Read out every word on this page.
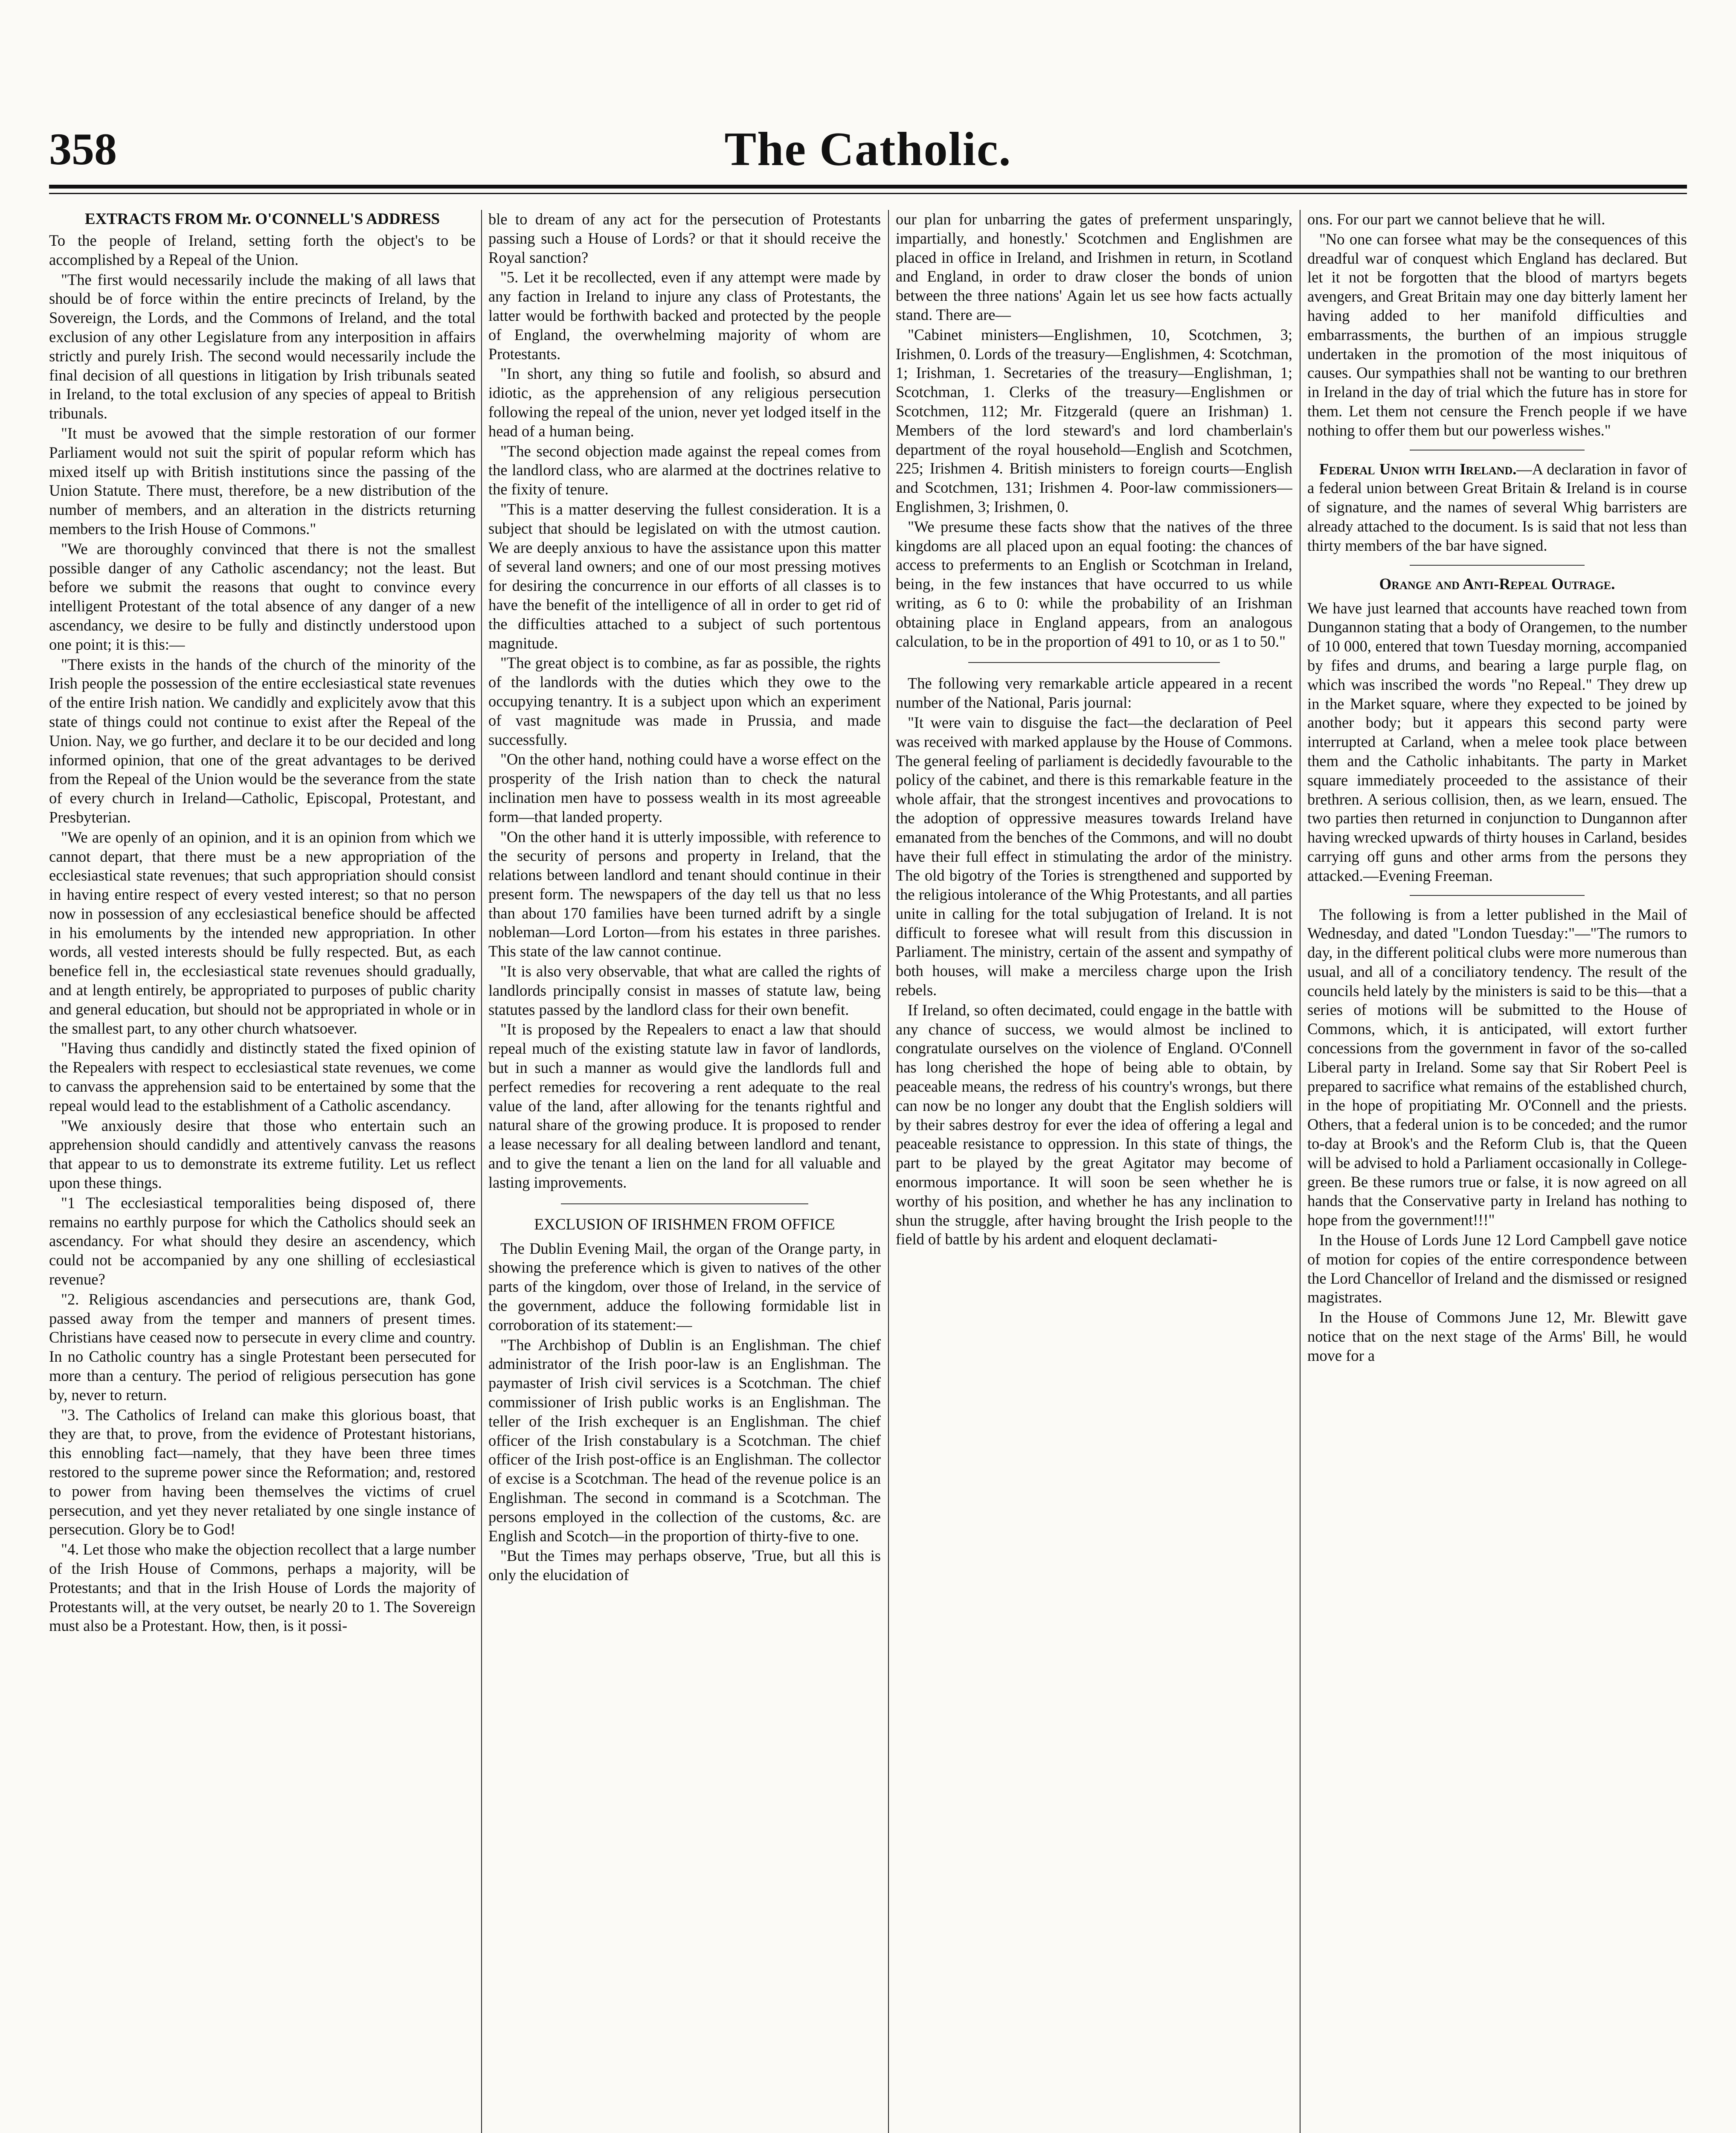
358	The Catholic.
EXTRACTS FROM Mr. O'CONNELL'S ADDRESS

To the people of Ireland, setting forth the object's to be accomplished by a Repeal of the Union.

"The first would necessarily include the making of all laws that should be of force within the entire precincts of Ireland, by the Sovereign, the Lords, and the Commons of Ireland, and the total exclusion of any other Legislature from any interposition in affairs strictly and purely Irish. The second would necessarily include the final decision of all questions in litigation by Irish tribunals seated in Ireland, to the total exclusion of any species of appeal to British tribunals.

"It must be avowed that the simple restoration of our former Parliament would not suit the spirit of popular reform which has mixed itself up with British institutions since the passing of the Union Statute. There must, therefore, be a new distribution of the number of members, and an alteration in the districts returning members to the Irish House of Commons."

"We are thoroughly convinced that there is not the smallest possible danger of any Catholic ascendancy; not the least. But before we submit the reasons that ought to convince every intelligent Protestant of the total absence of any danger of a new ascendancy, we desire to be fully and distinctly understood upon one point; it is this:—

"There exists in the hands of the church of the minority of the Irish people the possession of the entire ecclesiastical state revenues of the entire Irish nation. We candidly and explicitely avow that this state of things could not continue to exist after the Repeal of the Union. Nay, we go further, and declare it to be our decided and long informed opinion, that one of the great advantages to be derived from the Repeal of the Union would be the severance from the state of every church in Ireland—Catholic, Episcopal, Protestant, and Presbyterian.

"We are openly of an opinion, and it is an opinion from which we cannot depart, that there must be a new appropriation of the ecclesiastical state revenues; that such appropriation should consist in having entire respect of every vested interest; so that no person now in possession of any ecclesiastical benefice should be affected in his emoluments by the intended new appropriation. In other words, all vested interests should be fully respected. But, as each benefice fell in, the ecclesiastical state revenues should gradually, and at length entirely, be appropriated to purposes of public charity and general education, but should not be appropriated in whole or in the smallest part, to any other church whatsoever.

"Having thus candidly and distinctly stated the fixed opinion of the Repealers with respect to ecclesiastical state revenues, we come to canvass the apprehension said to be entertained by some that the repeal would lead to the establishment of a Catholic ascendancy.

"We anxiously desire that those who entertain such an apprehension should candidly and attentively canvass the reasons that appear to us to demonstrate its extreme futility. Let us reflect upon these things.

"1 The ecclesiastical temporalities being disposed of, there remains no earthly purpose for which the Catholics should seek an ascendancy. For what should they desire an ascendency, which could not be accompanied by any one shilling of ecclesiastical revenue?

"2. Religious ascendancies and persecutions are, thank God, passed away from the temper and manners of present times. Christians have ceased now to persecute in every clime and country. In no Catholic country has a single Protestant been persecuted for more than a century. The period of religious persecution has gone by, never to return.

"3. The Catholics of Ireland can make this glorious boast, that they are that, to prove, from the evidence of Protestant historians, this ennobling fact—namely, that they have been three times restored to the supreme power since the Reformation; and, restored to power from having been themselves the victims of cruel persecution, and yet they never retaliated by one single instance of persecution. Glory be to God!

"4. Let those who make the objection recollect that a large number of the Irish House of Commons, perhaps a majority, will be Protestants; and that in the Irish House of Lords the majority of Protestants will, at the very outset, be nearly 20 to 1. The Sovereign must also be a Protestant. How, then, is it possi-

ble to dream of any act for the persecution of Protestants passing such a House of Lords? or that it should receive the Royal sanction?

"5. Let it be recollected, even if any attempt were made by any faction in Ireland to injure any class of Protestants, the latter would be forthwith backed and protected by the people of England, the overwhelming majority of whom are Protestants.

"In short, any thing so futile and foolish, so absurd and idiotic, as the apprehension of any religious persecution following the repeal of the union, never yet lodged itself in the head of a human being.

"The second objection made against the repeal comes from the landlord class, who are alarmed at the doctrines relative to the fixity of tenure.

"This is a matter deserving the fullest consideration. It is a subject that should be legislated on with the utmost caution. We are deeply anxious to have the assistance upon this matter of several land owners; and one of our most pressing motives for desiring the concurrence in our efforts of all classes is to have the benefit of the intelligence of all in order to get rid of the difficulties attached to a subject of such portentous magnitude.

"The great object is to combine, as far as possible, the rights of the landlords with the duties which they owe to the occupying tenantry. It is a subject upon which an experiment of vast magnitude was made in Prussia, and made successfully.

"On the other hand, nothing could have a worse effect on the prosperity of the Irish nation than to check the natural inclination men have to possess wealth in its most agreeable form—that landed property.

"On the other hand it is utterly impossible, with reference to the security of persons and property in Ireland, that the relations between landlord and tenant should continue in their present form. The newspapers of the day tell us that no less than about 170 families have been turned adrift by a single nobleman—Lord Lorton—from his estates in three parishes. This state of the law cannot continue.

"It is also very observable, that what are called the rights of landlords principally consist in masses of statute law, being statutes passed by the landlord class for their own benefit.

"It is proposed by the Repealers to enact a law that should repeal much of the existing statute law in favor of landlords, but in such a manner as would give the landlords full and perfect remedies for recovering a rent adequate to the real value of the land, after allowing for the tenants rightful and natural share of the growing produce. It is proposed to render a lease necessary for all dealing between landlord and tenant, and to give the tenant a lien on the land for all valuable and lasting improvements.

EXCLUSION OF IRISHMEN FROM OFFICE

The Dublin Evening Mail, the organ of the Orange party, in showing the preference which is given to natives of the other parts of the kingdom, over those of Ireland, in the service of the government, adduce the following formidable list in corroboration of its statement:—

"The Archbishop of Dublin is an Englishman. The chief administrator of the Irish poor-law is an Englishman. The paymaster of Irish civil services is a Scotchman. The chief commissioner of Irish public works is an Englishman. The teller of the Irish exchequer is an Englishman. The chief officer of the Irish constabulary is a Scotchman. The chief officer of the Irish post-office is an Englishman. The collector of excise is a Scotchman. The head of the revenue police is an Englishman. The second in command is a Scotchman. The persons employed in the collection of the customs, &c. are English and Scotch—in the proportion of thirty-five to one.

"But the Times may perhaps observe, 'True, but all this is only the elucidation of

our plan for unbarring the gates of preferment unsparingly, impartially, and honestly.' Scotchmen and Englishmen are placed in office in Ireland, and Irishmen in return, in Scotland and England, in order to draw closer the bonds of union between the three nations' Again let us see how facts actually stand. There are—

"Cabinet ministers—Englishmen, 10, Scotchmen, 3; Irishmen, 0. Lords of the treasury—Englishmen, 4: Scotchman, 1; Irishman, 1. Secretaries of the treasury—Englishman, 1; Scotchman, 1. Clerks of the treasury—Englishmen or Scotchmen, 112; Mr. Fitzgerald (quere an Irishman) 1. Members of the lord steward's and lord chamberlain's department of the royal household—English and Scotchmen, 225; Irishmen 4. British ministers to foreign courts—English and Scotchmen, 131; Irishmen 4. Poor-law commissioners—Englishmen, 3; Irishmen, 0.

"We presume these facts show that the natives of the three kingdoms are all placed upon an equal footing: the chances of access to preferments to an English or Scotchman in Ireland, being, in the few instances that have occurred to us while writing, as 6 to 0: while the probability of an Irishman obtaining place in England appears, from an analogous calculation, to be in the proportion of 491 to 10, or as 1 to 50."

The following very remarkable article appeared in a recent number of the National, Paris journal:

"It were vain to disguise the fact—the declaration of Peel was received with marked applause by the House of Commons. The general feeling of parliament is decidedly favourable to the policy of the cabinet, and there is this remarkable feature in the whole affair, that the strongest incentives and provocations to the adoption of oppressive measures towards Ireland have emanated from the benches of the Commons, and will no doubt have their full effect in stimulating the ardor of the ministry. The old bigotry of the Tories is strengthened and supported by the religious intolerance of the Whig Protestants, and all parties unite in calling for the total subjugation of Ireland. It is not difficult to foresee what will result from this discussion in Parliament. The ministry, certain of the assent and sympathy of both houses, will make a merciless charge upon the Irish rebels.

If Ireland, so often decimated, could engage in the battle with any chance of success, we would almost be inclined to congratulate ourselves on the violence of England. O'Connell has long cherished the hope of being able to obtain, by peaceable means, the redress of his country's wrongs, but there can now be no longer any doubt that the English soldiers will by their sabres destroy for ever the idea of offering a legal and peaceable resistance to oppression. In this state of things, the part to be played by the great Agitator may become of enormous importance. It will soon be seen whether he is worthy of his position, and whether he has any inclination to shun the struggle, after having brought the Irish people to the field of battle by his ardent and eloquent declamati-

ons. For our part we cannot believe that he will.

"No one can forsee what may be the consequences of this dreadful war of conquest which England has declared. But let it not be forgotten that the blood of martyrs begets avengers, and Great Britain may one day bitterly lament her having added to her manifold difficulties and embarrassments, the burthen of an impious struggle undertaken in the promotion of the most iniquitous of causes. Our sympathies shall not be wanting to our brethren in Ireland in the day of trial which the future has in store for them. Let them not censure the French people if we have nothing to offer them but our powerless wishes."

Federal Union with Ireland.—A declaration in favor of a federal union between Great Britain & Ireland is in course of signature, and the names of several Whig barristers are already attached to the document. Is is said that not less than thirty members of the bar have signed.

Orange and Anti-Repeal Outrage.

We have just learned that accounts have reached town from Dungannon stating that a body of Orangemen, to the number of 10 000, entered that town Tuesday morning, accompanied by fifes and drums, and bearing a large purple flag, on which was inscribed the words "no Repeal." They drew up in the Market square, where they expected to be joined by another body; but it appears this second party were interrupted at Carland, when a melee took place between them and the Catholic inhabitants. The party in Market square immediately proceeded to the assistance of their brethren. A serious collision, then, as we learn, ensued. The two parties then returned in conjunction to Dungannon after having wrecked upwards of thirty houses in Carland, besides carrying off guns and other arms from the persons they attacked.—Evening Freeman.

The following is from a letter published in the Mail of Wednesday, and dated "London Tuesday:"—"The rumors to day, in the different political clubs were more numerous than usual, and all of a conciliatory tendency. The result of the councils held lately by the ministers is said to be this—that a series of motions will be submitted to the House of Commons, which, it is anticipated, will extort further concessions from the government in favor of the so-called Liberal party in Ireland. Some say that Sir Robert Peel is prepared to sacrifice what remains of the established church, in the hope of propitiating Mr. O'Connell and the priests. Others, that a federal union is to be conceded; and the rumor to-day at Brook's and the Reform Club is, that the Queen will be advised to hold a Parliament occasionally in College-green. Be these rumors true or false, it is now agreed on all hands that the Conservative party in Ireland has nothing to hope from the government!!!"

In the House of Lords June 12 Lord Campbell gave notice of motion for copies of the entire correspondence between the Lord Chancellor of Ireland and the dismissed or resigned magistrates.

In the House of Commons June 12, Mr. Blewitt gave notice that on the next stage of the Arms' Bill, he would move for a
